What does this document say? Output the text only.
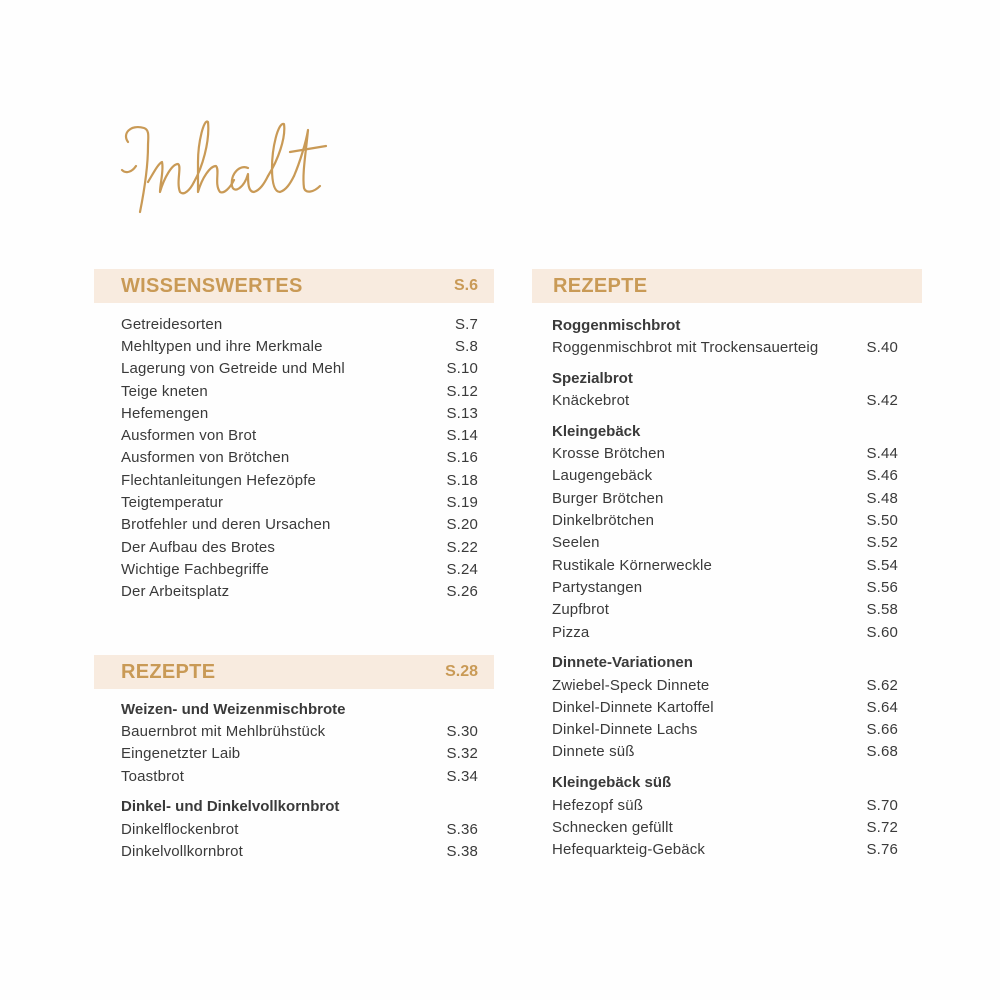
WISSENSWERTES	S.6
Getreidesorten	S.7
Mehltypen und ihre Merkmale	S.8
Lagerung von Getreide und Mehl	S.10
Teige kneten	S.12
Hefemengen	S.13
Ausformen von Brot	S.14
Ausformen von Brötchen	S.16
Flechtanleitungen Hefezöpfe	S.18
Teigtemperatur	S.19
Brotfehler und deren Ursachen	S.20
Der Aufbau des Brotes	S.22
Wichtige Fachbegriffe	S.24
Der Arbeitsplatz	S.26
REZEPTE	S.28
Weizen- und Weizenmischbrote
Bauernbrot mit Mehlbrühstück	S.30
Eingenetzter Laib	S.32
Toastbrot	S.34
Dinkel- und Dinkelvollkornbrot
Dinkelflockenbrot	S.36
Dinkelvollkornbrot	S.38
REZEPTE
Roggenmischbrot
Roggenmischbrot mit Trockensauerteig	S.40
Spezialbrot
Knäckebrot	S.42
Kleingebäck
Krosse Brötchen	S.44
Laugengebäck	S.46
Burger Brötchen	S.48
Dinkelbrötchen	S.50
Seelen	S.52
Rustikale Körnerweckle	S.54
Partystangen	S.56
Zupfbrot	S.58
Pizza	S.60
Dinnete-Variationen
Zwiebel-Speck Dinnete	S.62
Dinkel-Dinnete Kartoffel	S.64
Dinkel-Dinnete Lachs	S.66
Dinnete süß	S.68
Kleingebäck süß
Hefezopf süß	S.70
Schnecken gefüllt	S.72
Hefequarkteig-Gebäck	S.76
